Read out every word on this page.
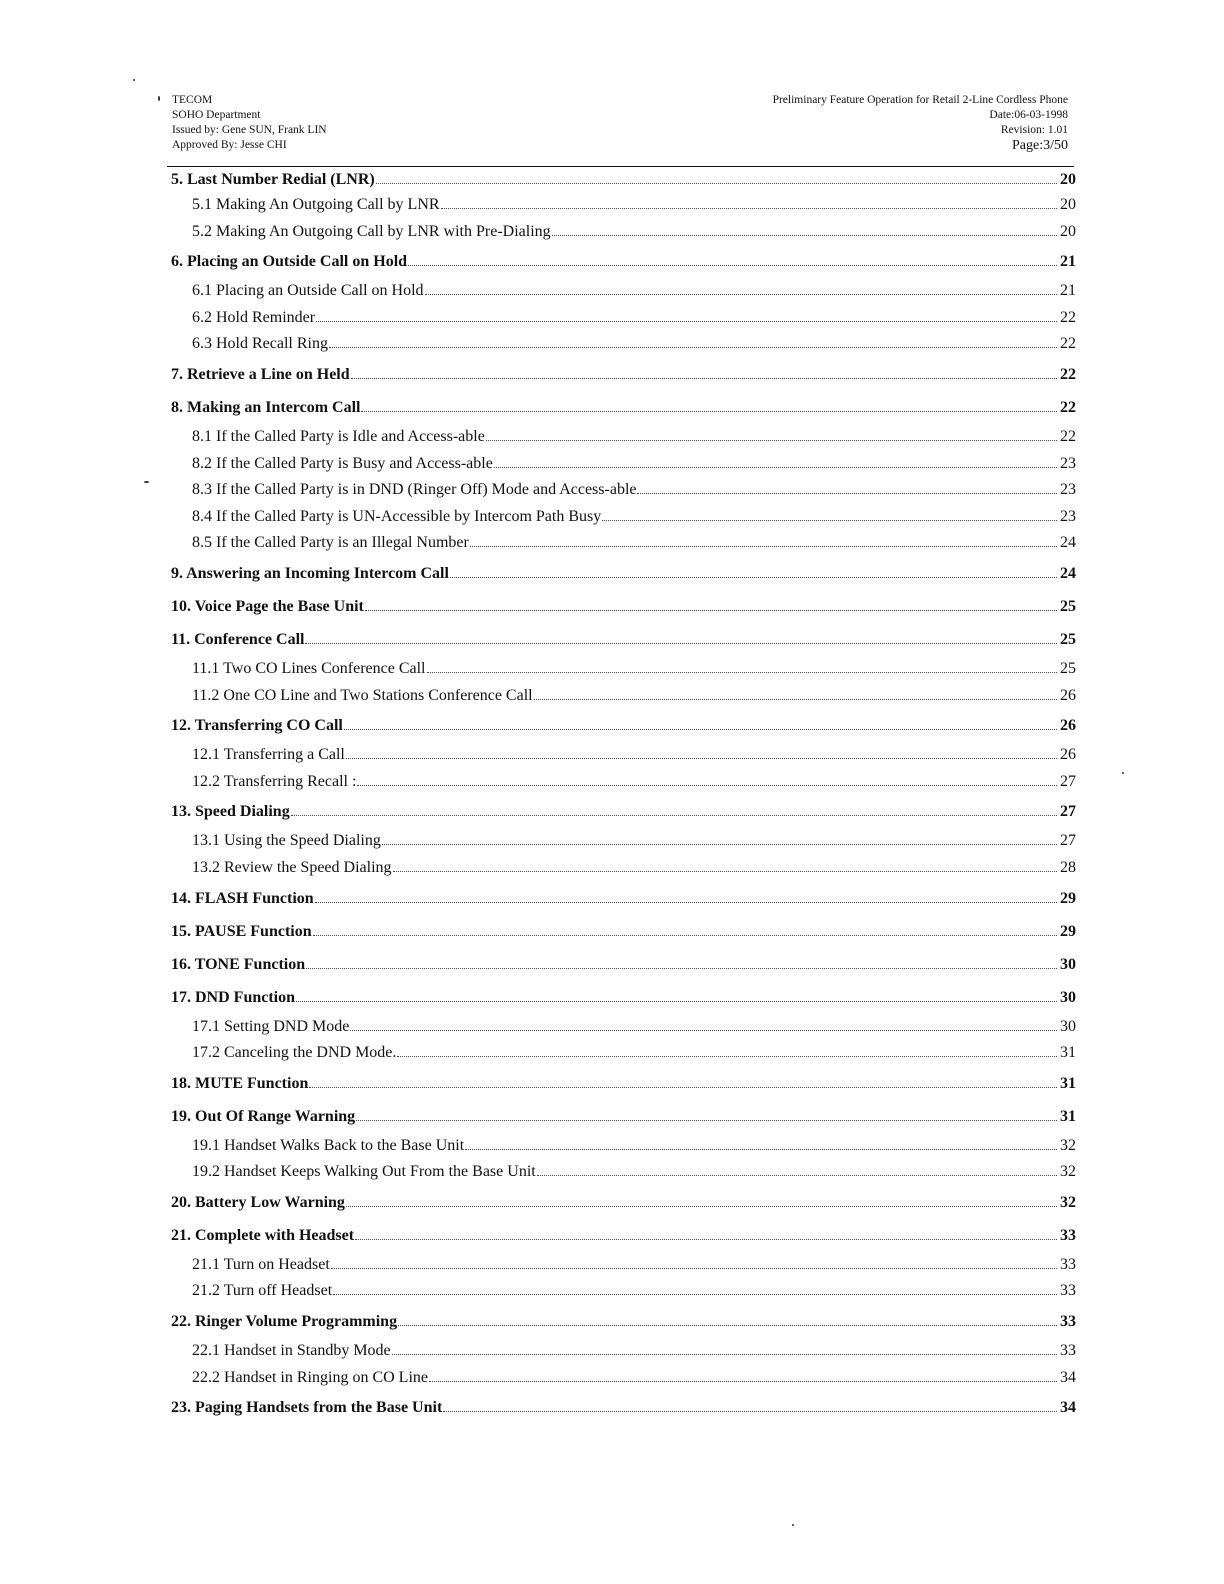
TECOM
SOHO Department
Issued by: Gene SUN, Frank LIN
Approved By: Jesse CHI
Preliminary Feature Operation for Retail 2-Line Cordless Phone
Date:06-03-1998
Revision: 1.01
Page:3/50
5. Last Number Redial (LNR)	20
5.1 Making An Outgoing Call by LNR	20
5.2 Making An Outgoing Call by LNR with Pre-Dialing	20
6. Placing an Outside Call on Hold	21
6.1 Placing an Outside Call on Hold	21
6.2 Hold Reminder	22
6.3 Hold Recall Ring	22
7. Retrieve a Line on Held	22
8. Making an Intercom Call	22
8.1 If the Called Party is Idle and Access-able	22
8.2 If the Called Party is Busy and Access-able	23
8.3 If the Called Party is in DND (Ringer Off) Mode and Access-able	23
8.4 If the Called Party is UN-Accessible by Intercom Path Busy	23
8.5 If the Called Party is an Illegal Number	24
9. Answering an Incoming Intercom Call	24
10. Voice Page the Base Unit	25
11. Conference Call	25
11.1 Two CO Lines Conference Call	25
11.2 One CO Line and Two Stations Conference Call	26
12. Transferring CO Call	26
12.1 Transferring a Call	26
12.2 Transferring Recall :	27
13. Speed Dialing	27
13.1 Using the Speed Dialing	27
13.2 Review the Speed Dialing	28
14. FLASH Function	29
15. PAUSE Function	29
16. TONE Function	30
17. DND Function	30
17.1 Setting DND Mode	30
17.2 Canceling the DND Mode.	31
18. MUTE Function	31
19. Out Of Range Warning	31
19.1 Handset Walks Back to the Base Unit	32
19.2 Handset Keeps Walking Out From the Base Unit	32
20. Battery Low Warning	32
21. Complete with Headset	33
21.1 Turn on Headset	33
21.2 Turn off Headset	33
22. Ringer Volume Programming	33
22.1 Handset in Standby Mode	33
22.2 Handset in Ringing on CO Line	34
23. Paging Handsets from the Base Unit	34
